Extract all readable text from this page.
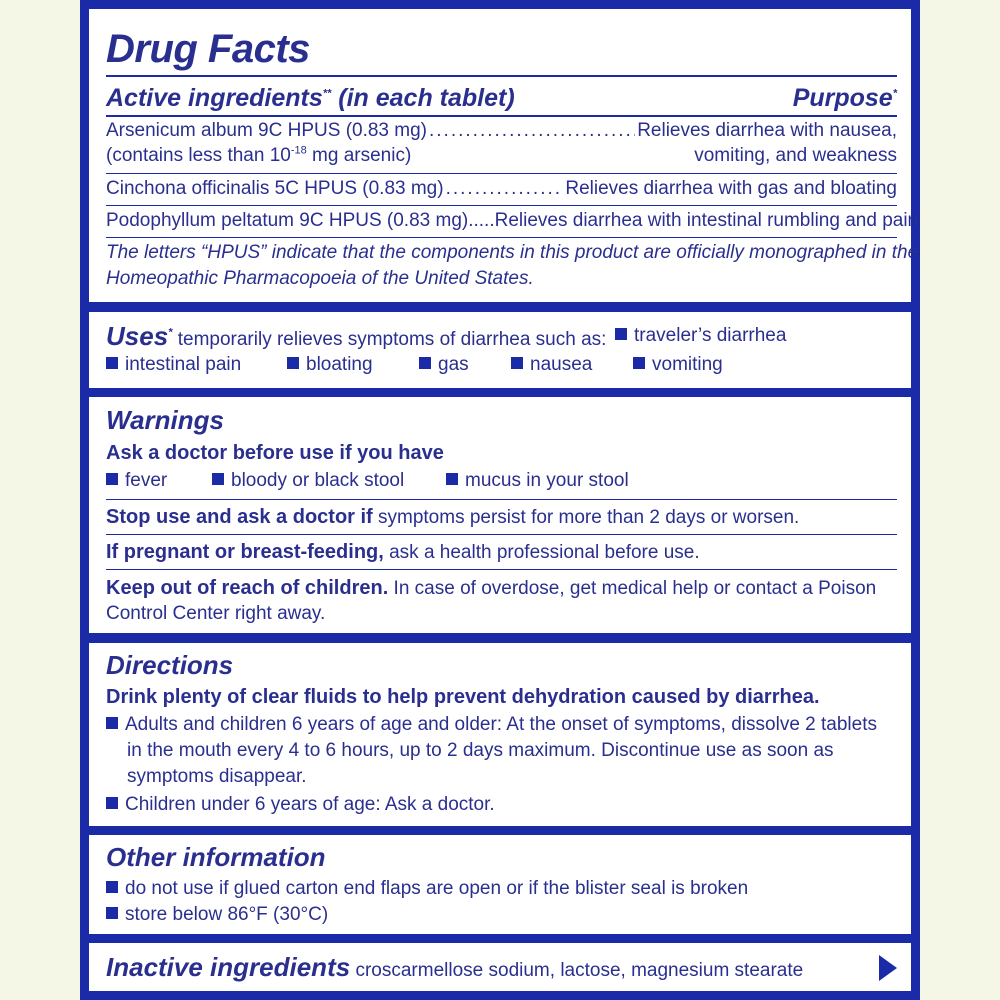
Drug Facts
Active ingredients** (in each tablet)	Purpose*
Arsenicum album 9C HPUS (0.83 mg) .....	Relieves diarrhea with nausea,
(contains less than $10^{-18}$ mg arsenic)	vomiting, and weakness
Cinchona officinalis 5C HPUS (0.83 mg) .....	Relieves diarrhea with gas and bloating
Podophyllum peltatum 9C HPUS (0.83 mg)..... Relieves diarrhea with intestinal rumbling and pain
The letters “HPUS” indicate that the components in this product are officially monographed in the
Homeopathic Pharmacopoeia of the United States.
Uses* temporarily relieves symptoms of diarrhea such as:	traveler’s diarrhea
intestinal pain	bloating	gas	nausea	vomiting
Warnings
Ask a doctor before use if you have
fever	bloody or black stool	mucus in your stool
Stop use and ask a doctor if symptoms persist for more than 2 days or worsen.
If pregnant or breast-feeding, ask a health professional before use.
Keep out of reach of children. In case of overdose, get medical help or contact a Poison
Control Center right away.
Directions
Drink plenty of clear fluids to help prevent dehydration caused by diarrhea.
Adults and children 6 years of age and older: At the onset of symptoms, dissolve 2 tablets
in the mouth every 4 to 6 hours, up to 2 days maximum. Discontinue use as soon as
symptoms disappear.
Children under 6 years of age: Ask a doctor.
Other information
do not use if glued carton end flaps are open or if the blister seal is broken
store below 86°F (30°C)
Inactive ingredients croscarmellose sodium, lactose, magnesium stearate
